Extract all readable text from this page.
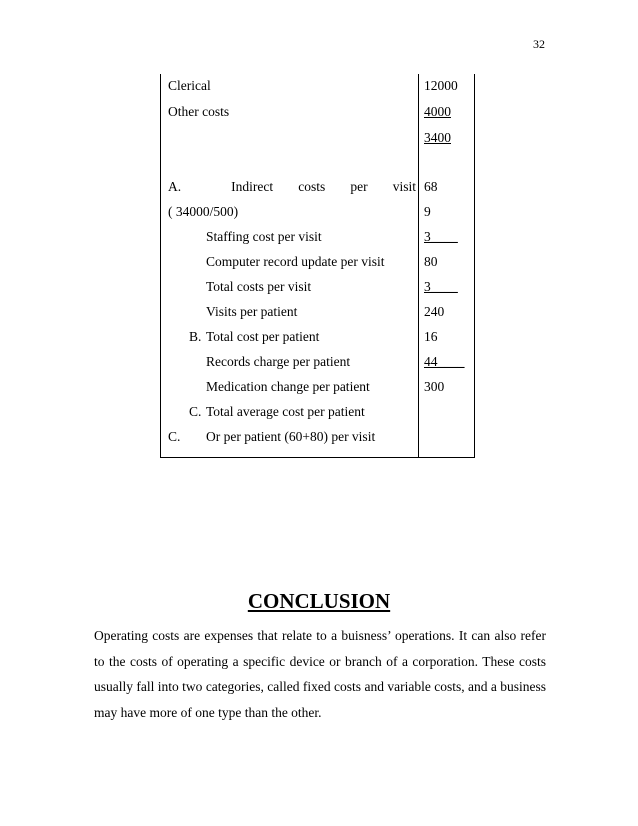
32
Clerical	12000
Other costs	4000
3400
A.	Indirect costs per visit 68
( 34000/500)	9
Staffing cost per visit	3____
Computer record update per visit	80
Total costs per visit	3____
Visits per patient	240
B. Total cost per patient	16
Records charge per patient	44____
Medication change per patient	300
C. Total average cost per patient
C. Or per patient (60+80) per visit
CONCLUSION
Operating costs are expenses that relate to a buisness’ operations. It can also refer to the costs of operating a specific device or branch of a corporation. These costs usually fall into two categories, called fixed costs and variable costs, and a business may have more of one type than the other.
